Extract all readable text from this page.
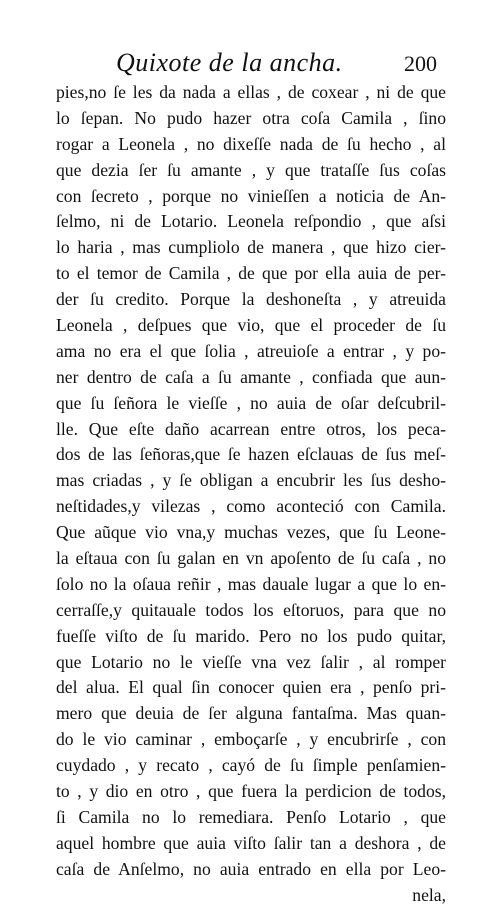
Quixote de la ancha.	200
pies,no ſe les da nada a ellas , de coxear , ni de que
lo ſepan. No pudo hazer otra coſa Camila , ſino
rogar a Leonela , no dixeſſe nada de ſu hecho , al
que dezia ſer ſu amante , y que trataſſe ſus coſas
con ſecreto , porque no vinieſſen a noticia de An-
ſelmo, ni de Lotario. Leonela reſpondio , que aſsi
lo haria , mas cumpliolo de manera , que hizo cier-
to el temor de Camila , de que por ella auia de per-
der ſu credito. Porque la deshoneſta , y atreuida
Leonela , deſpues que vio, que el proceder de ſu
ama no era el que ſolia , atreuioſe a entrar , y po-
ner dentro de caſa a ſu amante , confiada que aun-
que ſu ſeñora le vieſſe , no auia de oſar deſcubril-
lle. Que eſte daño acarrean entre otros, los peca-
dos de las ſeñoras,que ſe hazen eſclauas de ſus meſ-
mas criadas , y ſe obligan a encubrir les ſus desho-
neſtidades,y vilezas , como aconteció con Camila.
Que aũque vio vna,y muchas vezes, que ſu Leone-
la eſtaua con ſu galan en vn apoſento de ſu caſa , no
ſolo no la oſaua reñir , mas dauale lugar a que lo en-
cerraſſe,y quitauale todos los eſtoruos, para que no
fueſſe viſto de ſu marido. Pero no los pudo quitar,
que Lotario no le vieſſe vna vez ſalir , al romper
del alua. El qual ſin conocer quien era , penſo pri-
mero que deuia de ſer alguna fantaſma. Mas quan-
do le vio caminar , emboçarſe , y encubrirſe , con
cuydado , y recato , cayó de ſu ſimple penſamien-
to , y dio en otro , que fuera la perdicion de todos,
ſi Camila no lo remediara. Penſo Lotario , que
aquel hombre que auia viſto ſalir tan a deshora , de
caſa de Anſelmo, no auia entrado en ella por Leo-
nela,
